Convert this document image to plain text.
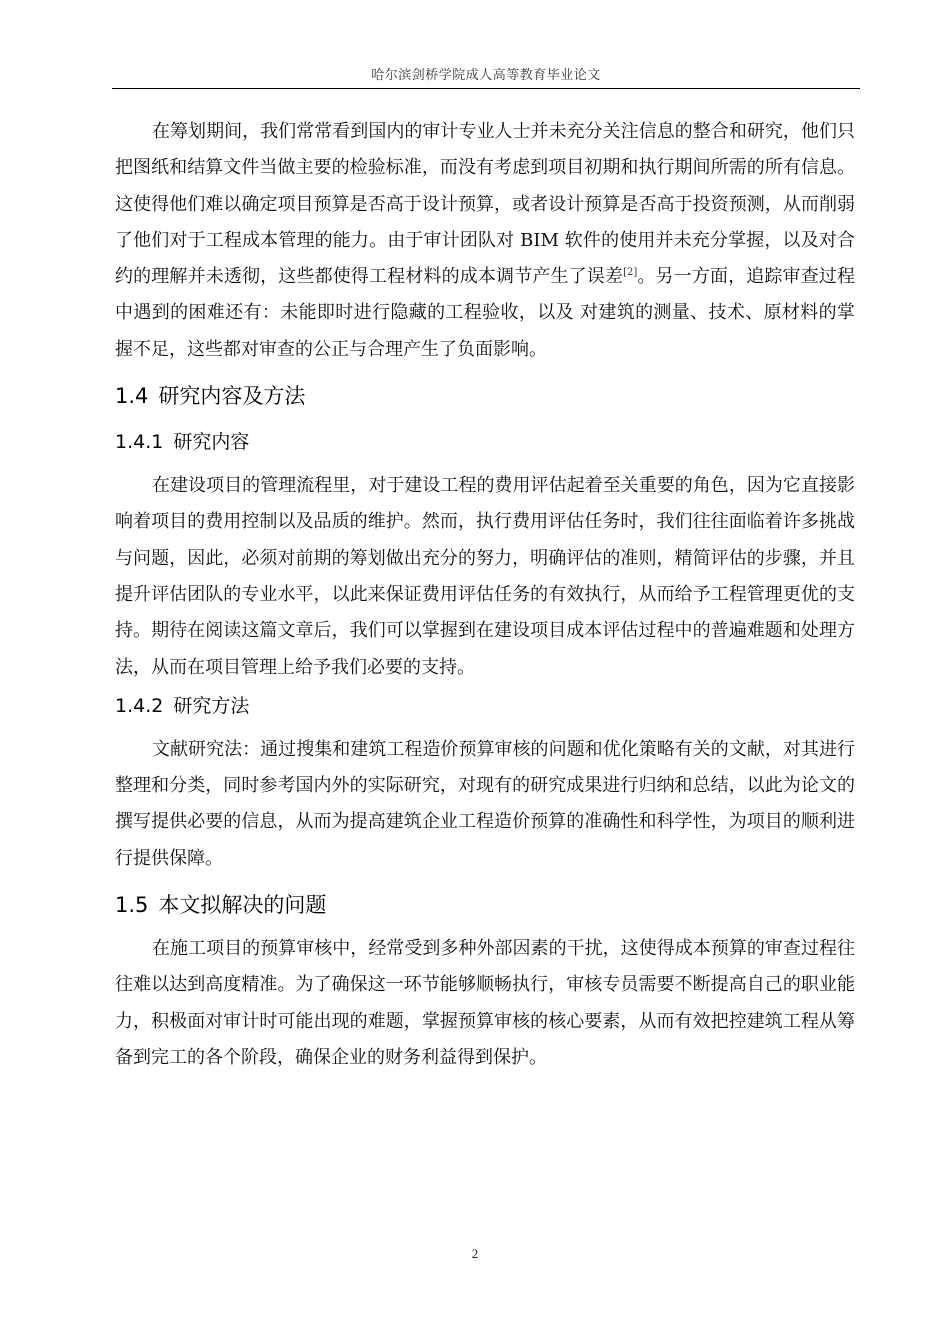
哈尔滨剑桥学院成人高等教育毕业论文

在筹划期间，我们常常看到国内的审计专业人士并未充分关注信息的整合和研究，他们只把图纸和结算文件当做主要的检验标准，而没有考虑到项目初期和执行期间所需的所有信息。这使得他们难以确定项目预算是否高于设计预算，或者设计预算是否高于投资预测，从而削弱了他们对于工程成本管理的能力。由于审计团队对 BIM 软件的使用并未充分掌握，以及对合约的理解并未透彻，这些都使得工程材料的成本调节产生了误差[2]。另一方面，追踪审查过程中遇到的困难还有：未能即时进行隐藏的工程验收，以及 对建筑的测量、技术、原材料的掌握不足，这些都对审查的公正与合理产生了负面影响。

1.4 研究内容及方法
1.4.1 研究内容

在建设项目的管理流程里，对于建设工程的费用评估起着至关重要的角色，因为它直接影响着项目的费用控制以及品质的维护。然而，执行费用评估任务时，我们往往面临着许多挑战与问题，因此，必须对前期的筹划做出充分的努力，明确评估的准则，精简评估的步骤，并且提升评估团队的专业水平，以此来保证费用评估任务的有效执行，从而给予工程管理更优的支持。期待在阅读这篇文章后，我们可以掌握到在建设项目成本评估过程中的普遍难题和处理方法，从而在项目管理上给予我们必要的支持。

1.4.2 研究方法

文献研究法：通过搜集和建筑工程造价预算审核的问题和优化策略有关的文献，对其进行整理和分类，同时参考国内外的实际研究，对现有的研究成果进行归纳和总结，以此为论文的撰写提供必要的信息，从而为提高建筑企业工程造价预算的准确性和科学性，为项目的顺利进行提供保障。

1.5 本文拟解决的问题

在施工项目的预算审核中，经常受到多种外部因素的干扰，这使得成本预算的审查过程往往难以达到高度精准。为了确保这一环节能够顺畅执行，审核专员需要不断提高自己的职业能力，积极面对审计时可能出现的难题，掌握预算审核的核心要素，从而有效把控建筑工程从筹备到完工的各个阶段，确保企业的财务利益得到保护。

2
